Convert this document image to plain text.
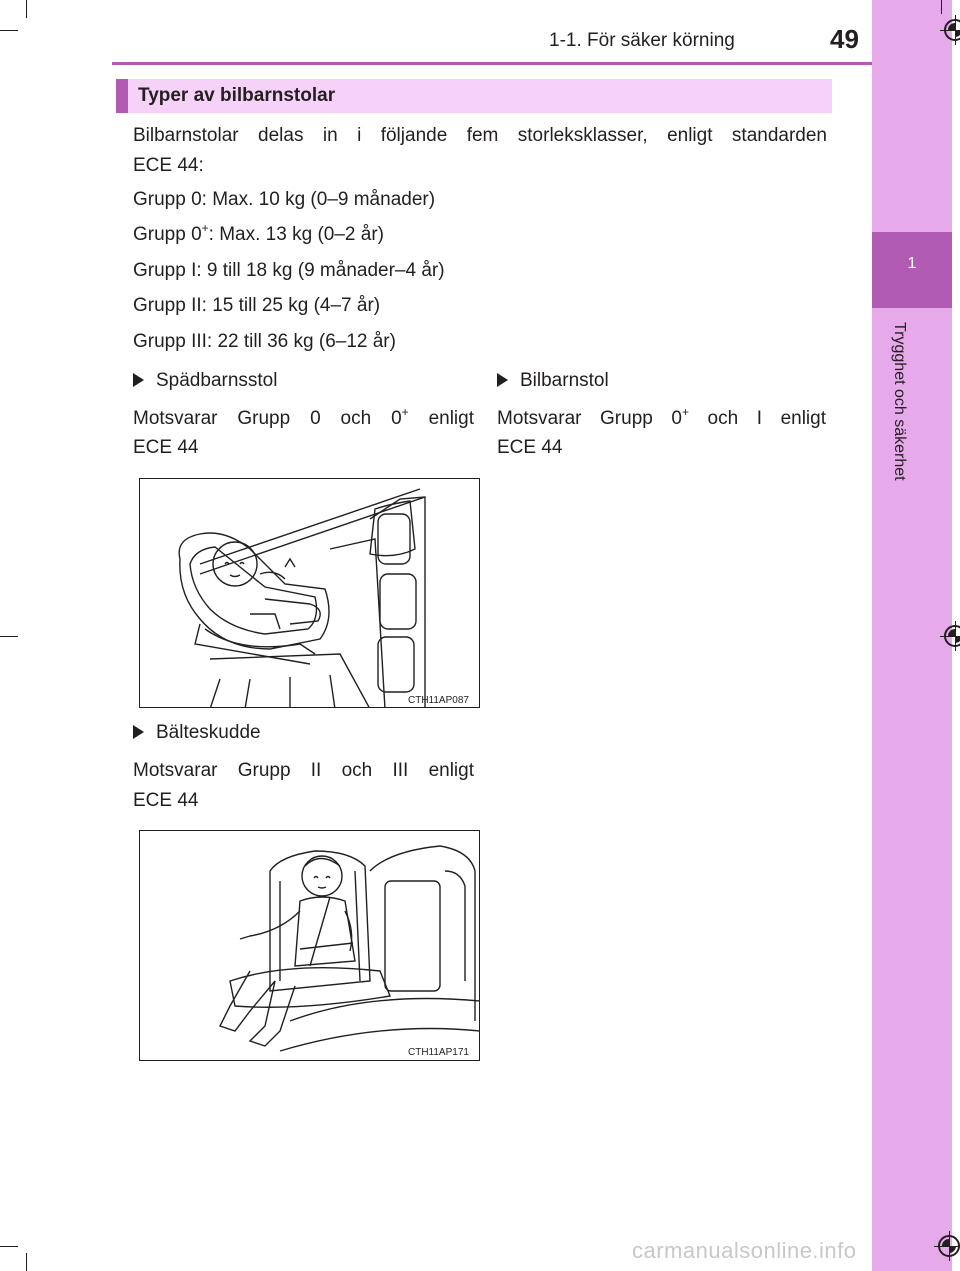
1
Trygghet och säkerhet
1-1. För säker körning	49
Typer av bilbarnstolar
Bilbarnstolar delas in i följande fem storleksklasser, enligt standarden
ECE 44:
Grupp 0: Max. 10 kg (0–9 månader)
Grupp 0+: Max. 13 kg (0–2 år)
Grupp I: 9 till 18 kg (9 månader–4 år)
Grupp II: 15 till 25 kg (4–7 år)
Grupp III: 22 till 36 kg (6–12 år)
Spädbarnsstol
Motsvarar Grupp 0 och 0+ enligt
ECE 44
Bilbarnstol
Motsvarar Grupp 0+ och I enligt
ECE 44
CTH11AP087
Bälteskudde
Motsvarar Grupp II och III enligt
ECE 44
CTH11AP171
carmanualsonline.info
